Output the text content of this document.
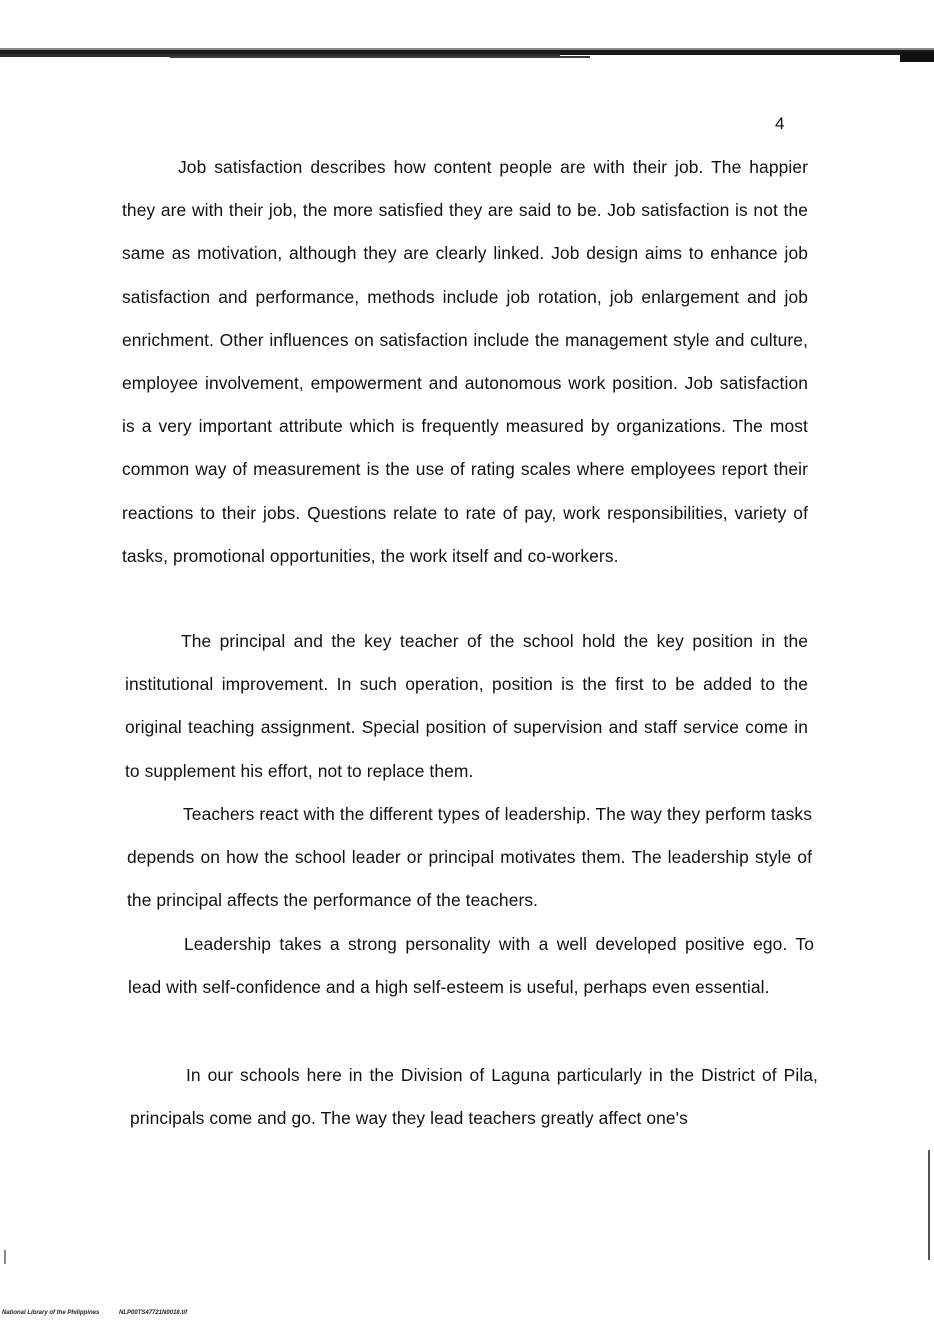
4

Job satisfaction describes how content people are with their job. The happier they are with their job, the more satisfied they are said to be. Job satisfaction is not the same as motivation, although they are clearly linked. Job design aims to enhance job satisfaction and performance, methods include job rotation, job enlargement and job enrichment. Other influences on satisfaction include the management style and culture, employee involvement, empowerment and autonomous work position. Job satisfaction is a very important attribute which is frequently measured by organizations. The most common way of measurement is the use of rating scales where employees report their reactions to their jobs. Questions relate to rate of pay, work responsibilities, variety of tasks, promotional opportunities, the work itself and co-workers.

The principal and the key teacher of the school hold the key position in the institutional improvement. In such operation, position is the first to be added to the original teaching assignment. Special position of supervision and staff service come in to supplement his effort, not to replace them.

Teachers react with the different types of leadership. The way they perform tasks depends on how the school leader or principal motivates them. The leadership style of the principal affects the performance of the teachers.

Leadership takes a strong personality with a well developed positive ego. To lead with self-confidence and a high self-esteem is useful, perhaps even essential.

In our schools here in the Division of Laguna particularly in the District of Pila, principals come and go. The way they lead teachers greatly affect one's

National Library of the Philippines	NLP00TS47721N0018.tif
